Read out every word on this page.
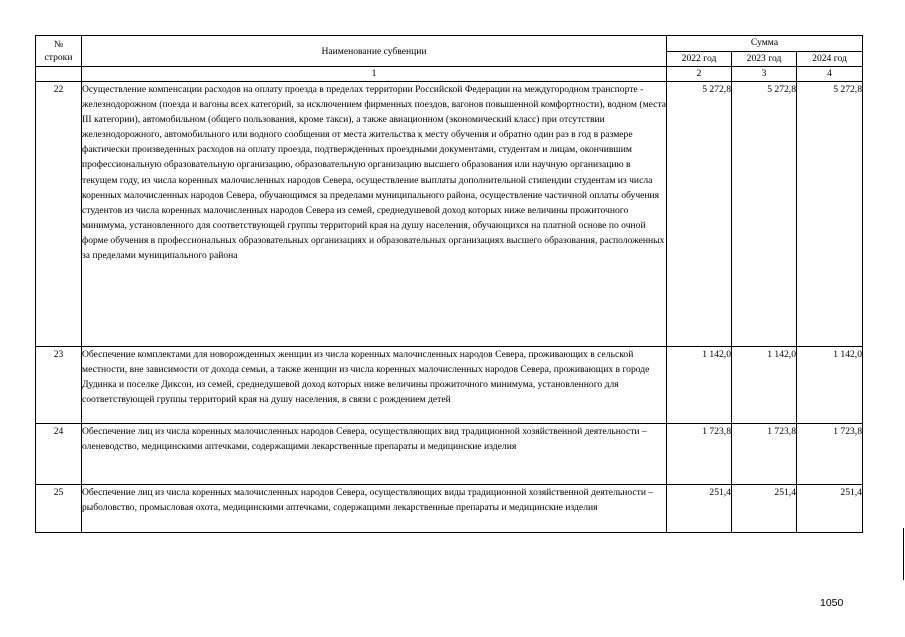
№
строки	Наименование субвенции	Сумма		
		2022 год	2023 год	2024 год
	1	2	3	4
22	Осуществление компенсации расходов на оплату проезда в пределах территории Российской Федерации на междугородном транспорте - железнодорожном (поезда и вагоны всех категорий, за исключением фирменных поездов, вагонов повышенной комфортности), водном (места III категории), автомобильном (общего пользования, кроме такси), а также авиационном (экономический класс) при отсутствии железнодорожного, автомобильного или водного сообщения от места жительства к месту обучения и обратно один раз в год в размере фактически произведенных расходов на оплату проезда, подтвержденных проездными документами, студентам и лицам, окончившим профессиональную образовательную организацию, образовательную организацию высшего образования или научную организацию в текущем году, из числа коренных малочисленных народов Севера, осуществление выплаты дополнительной стипендии студентам из числа коренных малочисленных народов Севера, обучающимся за пределами муниципального района, осуществление частичной оплаты обучения студентов из числа коренных малочисленных народов Севера из семей, среднедушевой доход которых ниже величины прожиточного минимума, установленного для соответствующей группы территорий края на душу населения, обучающихся на платной основе по очной форме обучения в профессиональных образовательных организациях и образовательных организациях высшего образования, расположенных за пределами муниципального района	5 272,8	5 272,8	5 272,8
23	Обеспечение комплектами для новорожденных женщин из числа коренных малочисленных народов Севера, проживающих в сельской местности, вне зависимости от дохода семьи, а также женщин из числа коренных малочисленных народов Севера, проживающих в городе Дудинка и поселке Диксон, из семей, среднедушевой доход которых ниже величины прожиточного минимума, установленного для соответствующей группы территорий края на душу населения, в связи с рождением детей	1 142,0	1 142,0	1 142,0
24	Обеспечение лиц из числа коренных малочисленных народов Севера, осуществляющих вид традиционной хозяйственной деятельности – оленеводство, медицинскими аптечками, содержащими лекарственные препараты и медицинские изделия	1 723,8	1 723,8	1 723,8
25	Обеспечение лиц из числа коренных малочисленных народов Севера, осуществляющих виды традиционной хозяйственной деятельности – рыболовство, промысловая охота, медицинскими аптечками, содержащими лекарственные препараты и медицинские изделия	251,4	251,4	251,4
1050
